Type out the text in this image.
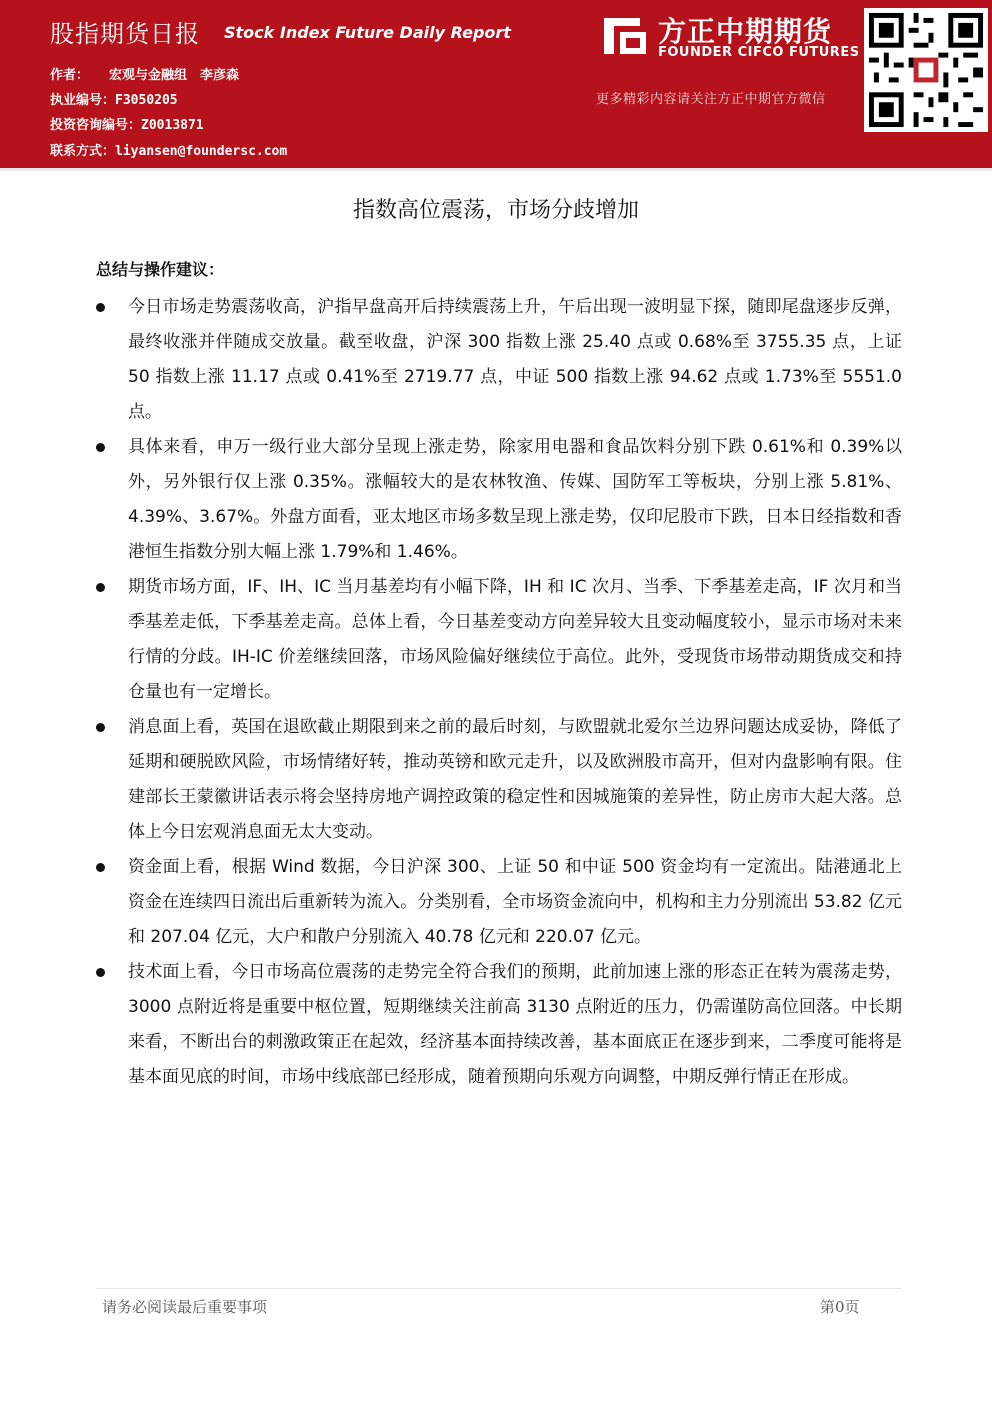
股指期货日报 Stock Index Future Daily Report
作者： 宏观与金融组　李彦森
执业编号：F3050205
投资咨询编号：Z0013871
联系方式：liyansen@foundersc.com
方正中期期货
FOUNDER CIFCO FUTURES
更多精彩内容请关注方正中期官方微信
指数高位震荡，市场分歧增加
总结与操作建议：
今日市场走势震荡收高，沪指早盘高开后持续震荡上升，午后出现一波明显下探，随即尾盘逐步反弹，最终收涨并伴随成交放量。截至收盘，沪深 300 指数上涨 25.40 点或 0.68%至 3755.35 点，上证 50 指数上涨 11.17 点或 0.41%至 2719.77 点，中证 500 指数上涨 94.62 点或 1.73%至 5551.0 点。
具体来看，申万一级行业大部分呈现上涨走势，除家用电器和食品饮料分别下跌 0.61%和 0.39%以外，另外银行仅上涨 0.35%。涨幅较大的是农林牧渔、传媒、国防军工等板块，分别上涨 5.81%、4.39%、3.67%。外盘方面看，亚太地区市场多数呈现上涨走势，仅印尼股市下跌，日本日经指数和香港恒生指数分别大幅上涨 1.79%和 1.46%。
期货市场方面，IF、IH、IC 当月基差均有小幅下降，IH 和 IC 次月、当季、下季基差走高，IF 次月和当季基差走低，下季基差走高。总体上看，今日基差变动方向差异较大且变动幅度较小，显示市场对未来行情的分歧。IH-IC 价差继续回落，市场风险偏好继续位于高位。此外，受现货市场带动期货成交和持仓量也有一定增长。
消息面上看，英国在退欧截止期限到来之前的最后时刻，与欧盟就北爱尔兰边界问题达成妥协，降低了延期和硬脱欧风险，市场情绪好转，推动英镑和欧元走升，以及欧洲股市高开，但对内盘影响有限。住建部长王蒙徽讲话表示将会坚持房地产调控政策的稳定性和因城施策的差异性，防止房市大起大落。总体上今日宏观消息面无太大变动。
资金面上看，根据 Wind 数据，今日沪深 300、上证 50 和中证 500 资金均有一定流出。陆港通北上资金在连续四日流出后重新转为流入。分类别看，全市场资金流向中，机构和主力分别流出 53.82 亿元和 207.04 亿元，大户和散户分别流入 40.78 亿元和 220.07 亿元。
技术面上看，今日市场高位震荡的走势完全符合我们的预期，此前加速上涨的形态正在转为震荡走势，3000 点附近将是重要中枢位置，短期继续关注前高 3130 点附近的压力，仍需谨防高位回落。中长期来看，不断出台的刺激政策正在起效，经济基本面持续改善，基本面底正在逐步到来，二季度可能将是基本面见底的时间，市场中线底部已经形成，随着预期向乐观方向调整，中期反弹行情正在形成。
请务必阅读最后重要事项	第0页
